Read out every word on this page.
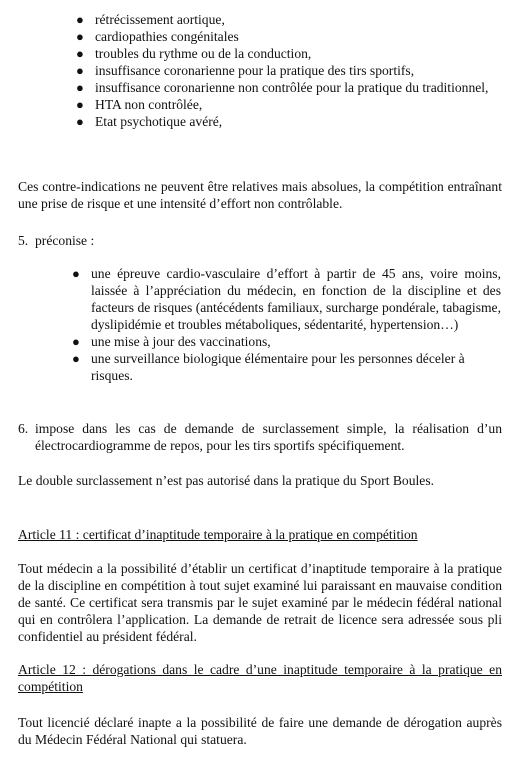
● rétrécissement aortique,
● cardiopathies congénitales
● troubles du rythme ou de la conduction,
● insuffisance coronarienne pour la pratique des tirs sportifs,
● insuffisance coronarienne non contrôlée pour la pratique du traditionnel,
● HTA non contrôlée,
● Etat psychotique avéré,

Ces contre-indications ne peuvent être relatives mais absolues, la compétition entraînant une prise de risque et une intensité d’effort non contrôlable.

5. préconise :
● une épreuve cardio-vasculaire d’effort à partir de 45 ans, voire moins, laissée à l’appréciation du médecin, en fonction de la discipline et des facteurs de risques (antécédents familiaux, surcharge pondérale, tabagisme, dyslipidémie et troubles métaboliques, sédentarité, hypertension…)
● une mise à jour des vaccinations,
● une surveillance biologique élémentaire pour les personnes déceler à risques.
6. impose dans les cas de demande de surclassement simple, la réalisation d’un électrocardiogramme de repos, pour les tirs sportifs spécifiquement.

Le double surclassement n’est pas autorisé dans la pratique du Sport Boules.

Article 11 : certificat d’inaptitude temporaire à la pratique en compétition

Tout médecin a la possibilité d’établir un certificat d’inaptitude temporaire à la pratique de la discipline en compétition à tout sujet examiné lui paraissant en mauvaise condition de santé. Ce certificat sera transmis par le sujet examiné par le médecin fédéral national qui en contrôlera l’application. La demande de retrait de licence sera adressée sous pli confidentiel au président fédéral.

Article 12 : dérogations dans le cadre d’une inaptitude temporaire à la pratique en compétition

Tout licencié déclaré inapte a la possibilité de faire une demande de dérogation auprès du Médecin Fédéral National qui statuera.
